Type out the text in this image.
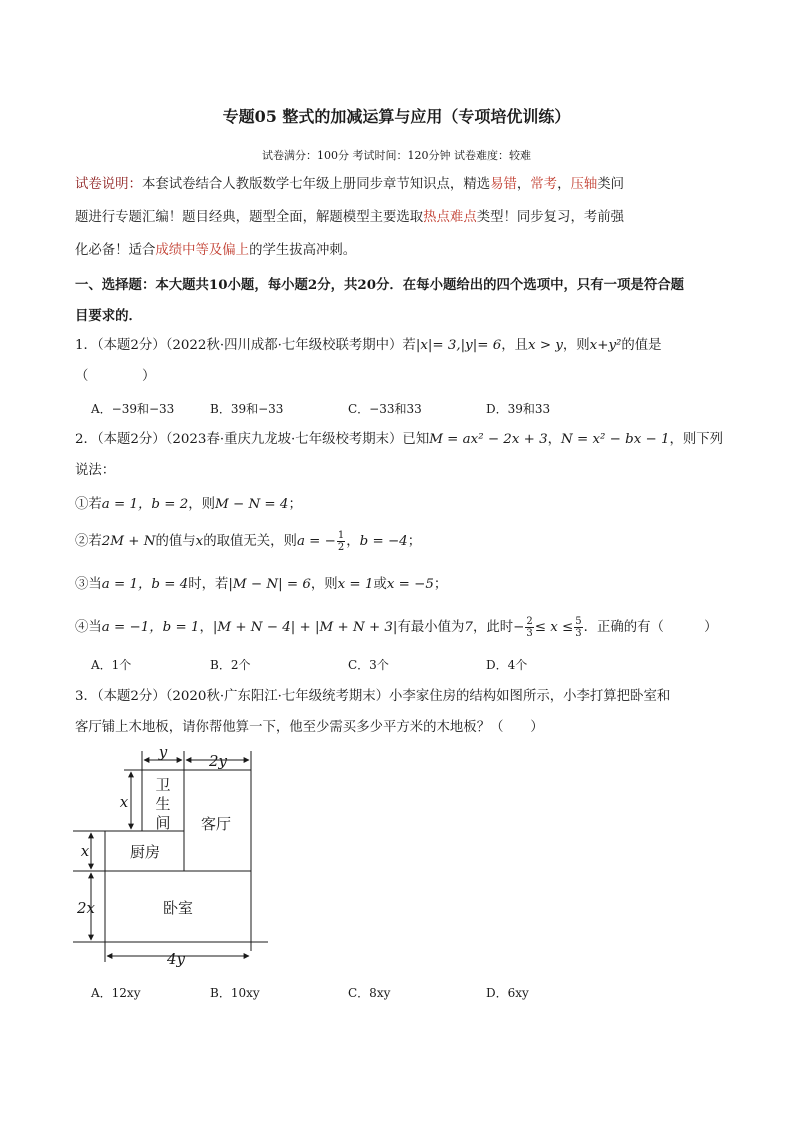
专题05 整式的加减运算与应用（专项培优训练）
试卷满分：100分 考试时间：120分钟 试卷难度：较难
试卷说明：本套试卷结合人教版数学七年级上册同步章节知识点，精选易错，常考，压轴类问
题进行专题汇编！题目经典，题型全面，解题模型主要选取热点难点类型！同步复习，考前强
化必备！适合成绩中等及偏上的学生拔高冲刺。
一、选择题：本大题共10小题，每小题2分，共20分．在每小题给出的四个选项中，只有一项是符合题
目要求的．
1．（本题2分）（2022秋·四川成都·七年级校联考期中）若|x|= 3,|y|= 6，且x > y，则x+y²的值是
（　　　　）
A．−39和−33	B．39和−33	C．−33和33	D．39和33
2．（本题2分）（2023春·重庆九龙坡·七年级校考期末）已知M = ax² − 2x + 3，N = x² − bx − 1，则下列
说法：
①若a = 1，b = 2，则M − N = 4；
②若2M + N的值与x的取值无关，则a = − $\frac{1}{2}$ ，b = −4；
③当a = 1，b = 4时，若|M − N| = 6，则x = 1或x = −5；
④当a = −1，b = 1，|M + N − 4| + |M + N + 3|有最小值为7，此时− $\frac{2}{3} \le x \le \frac{5}{3}$ ．正确的有（　　　）
A．1个	B．2个	C．3个	D．4个
3．（本题2分）（2020秋·广东阳江·七年级统考期末）小李家住房的结构如图所示，小李打算把卧室和
客厅铺上木地板，请你帮他算一下，他至少需买多少平方米的木地板？（　　）
y	2y
x
卫
生
间 客厅
厨房
x
2x	卧室
4y
A．12xy	B．10xy	C．8xy	D．6xy
